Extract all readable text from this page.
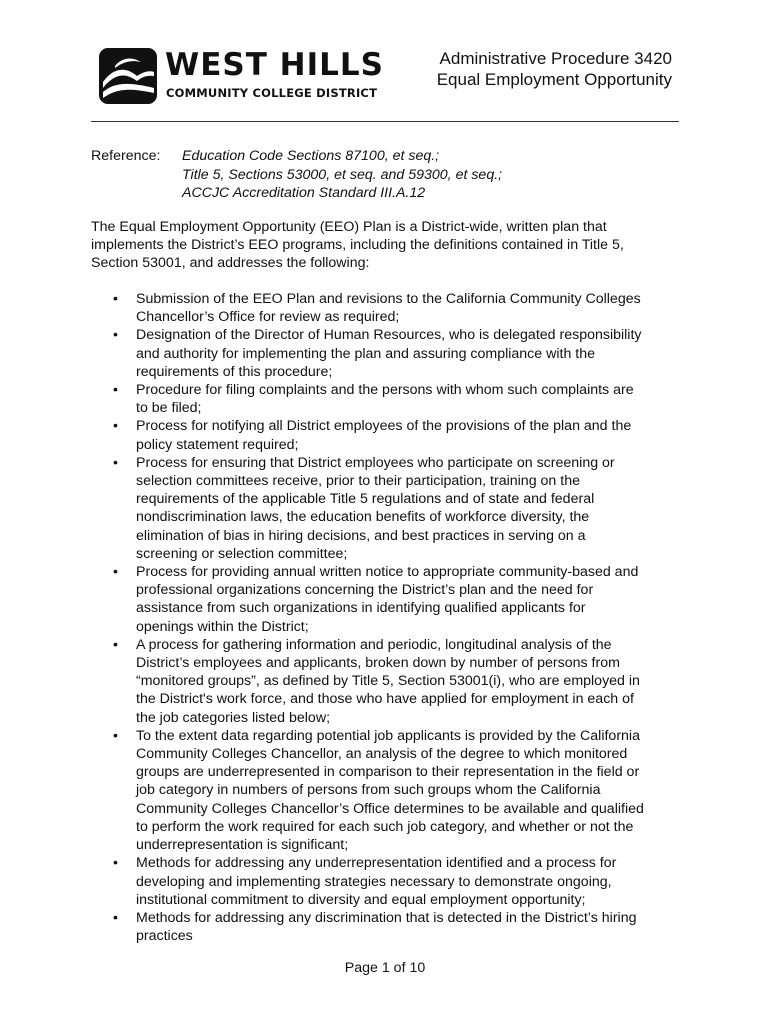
WEST HILLS
COMMUNITY COLLEGE DISTRICT
Administrative Procedure 3420
Equal Employment Opportunity
Reference: Education Code Sections 87100, et seq.;
Title 5, Sections 53000, et seq. and 59300, et seq.;
ACCJC Accreditation Standard III.A.12
The Equal Employment Opportunity (EEO) Plan is a District-wide, written plan that
implements the District’s EEO programs, including the definitions contained in Title 5,
Section 53001, and addresses the following:
• Submission of the EEO Plan and revisions to the California Community Colleges
Chancellor’s Office for review as required;
• Designation of the Director of Human Resources, who is delegated responsibility
and authority for implementing the plan and assuring compliance with the
requirements of this procedure;
• Procedure for filing complaints and the persons with whom such complaints are
to be filed;
• Process for notifying all District employees of the provisions of the plan and the
policy statement required;
• Process for ensuring that District employees who participate on screening or
selection committees receive, prior to their participation, training on the
requirements of the applicable Title 5 regulations and of state and federal
nondiscrimination laws, the education benefits of workforce diversity, the
elimination of bias in hiring decisions, and best practices in serving on a
screening or selection committee;
• Process for providing annual written notice to appropriate community-based and
professional organizations concerning the District’s plan and the need for
assistance from such organizations in identifying qualified applicants for
openings within the District;
• A process for gathering information and periodic, longitudinal analysis of the
District’s employees and applicants, broken down by number of persons from
“monitored groups”, as defined by Title 5, Section 53001(i), who are employed in
the District's work force, and those who have applied for employment in each of
the job categories listed below;
• To the extent data regarding potential job applicants is provided by the California
Community Colleges Chancellor, an analysis of the degree to which monitored
groups are underrepresented in comparison to their representation in the field or
job category in numbers of persons from such groups whom the California
Community Colleges Chancellor’s Office determines to be available and qualified
to perform the work required for each such job category, and whether or not the
underrepresentation is significant;
• Methods for addressing any underrepresentation identified and a process for
developing and implementing strategies necessary to demonstrate ongoing,
institutional commitment to diversity and equal employment opportunity;
• Methods for addressing any discrimination that is detected in the District’s hiring
practices
Page 1 of 10
